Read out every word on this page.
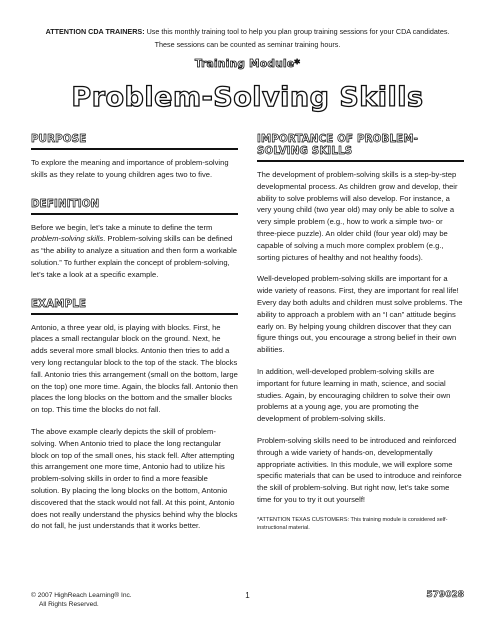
ATTENTION CDA TRAINERS: Use this monthly training tool to help you plan group training sessions for your CDA candidates. These sessions can be counted as seminar training hours.
Training Module*
Problem-Solving Skills
PURPOSE

To explore the meaning and importance of problem-solving skills as they relate to young children ages two to five.

DEFINITION

Before we begin, let’s take a minute to define the term problem-solving skills. Problem-solving skills can be defined as “the ability to analyze a situation and then form a workable solution.” To further explain the concept of problem-solving, let’s take a look at a specific example.

EXAMPLE

Antonio, a three year old, is playing with blocks. First, he places a small rectangular block on the ground. Next, he adds several more small blocks. Antonio then tries to add a very long rectangular block to the top of the stack. The blocks fall. Antonio tries this arrangement (small on the bottom, large on the top) one more time. Again, the blocks fall. Antonio then places the long blocks on the bottom and the smaller blocks on top. This time the blocks do not fall.

The above example clearly depicts the skill of problem-solving. When Antonio tried to place the long rectangular block on top of the small ones, his stack fell. After attempting this arrangement one more time, Antonio had to utilize his problem-solving skills in order to find a more feasible solution. By placing the long blocks on the bottom, Antonio discovered that the stack would not fall. At this point, Antonio does not really understand the physics behind why the blocks do not fall, he just understands that it works better.

IMPORTANCE OF PROBLEM-SOLVING SKILLS

The development of problem-solving skills is a step-by-step developmental process. As children grow and develop, their ability to solve problems will also develop. For instance, a very young child (two year old) may only be able to solve a very simple problem (e.g., how to work a simple two- or three-piece puzzle). An older child (four year old) may be capable of solving a much more complex problem (e.g., sorting pictures of healthy and not healthy foods).

Well-developed problem-solving skills are important for a wide variety of reasons. First, they are important for real life! Every day both adults and children must solve problems. The ability to approach a problem with an “I can” attitude begins early on. By helping young children discover that they can figure things out, you encourage a strong belief in their own abilities.

In addition, well-developed problem-solving skills are important for future learning in math, science, and social studies. Again, by encouraging children to solve their own problems at a young age, you are promoting the development of problem-solving skills.

Problem-solving skills need to be introduced and reinforced through a wide variety of hands-on, developmentally appropriate activities. In this module, we will explore some specific materials that can be used to introduce and reinforce the skill of problem-solving. But right now, let’s take some time for you to try it out yourself!

*ATTENTION TEXAS CUSTOMERS: This training module is considered self-instructional material.
© 2007 HighReach Learning® Inc.
All Rights Reserved.
1	579028
